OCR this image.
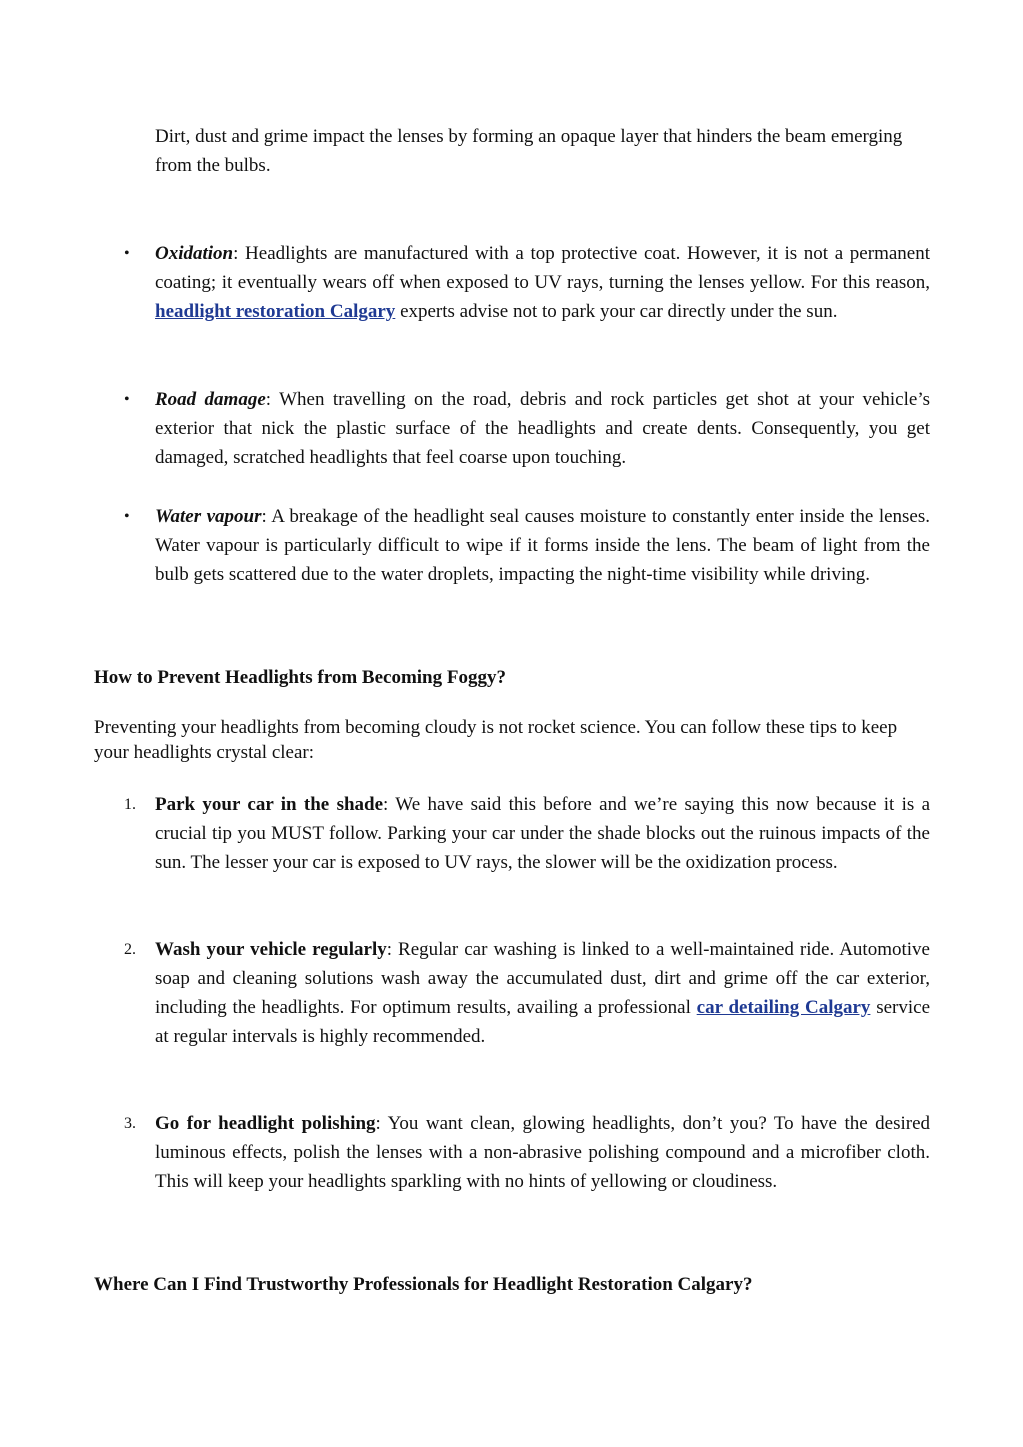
Dirt, dust and grime impact the lenses by forming an opaque layer that hinders the beam emerging from the bulbs.

• Oxidation: Headlights are manufactured with a top protective coat. However, it is not a permanent coating; it eventually wears off when exposed to UV rays, turning the lenses yellow. For this reason, headlight restoration Calgary experts advise not to park your car directly under the sun.

• Road damage: When travelling on the road, debris and rock particles get shot at your vehicle’s exterior that nick the plastic surface of the headlights and create dents. Consequently, you get damaged, scratched headlights that feel coarse upon touching.

• Water vapour: A breakage of the headlight seal causes moisture to constantly enter inside the lenses. Water vapour is particularly difficult to wipe if it forms inside the lens. The beam of light from the bulb gets scattered due to the water droplets, impacting the night-time visibility while driving.

How to Prevent Headlights from Becoming Foggy?

Preventing your headlights from becoming cloudy is not rocket science. You can follow these tips to keep your headlights crystal clear:

1. Park your car in the shade: We have said this before and we’re saying this now because it is a crucial tip you MUST follow. Parking your car under the shade blocks out the ruinous impacts of the sun. The lesser your car is exposed to UV rays, the slower will be the oxidization process.

2. Wash your vehicle regularly: Regular car washing is linked to a well-maintained ride. Automotive soap and cleaning solutions wash away the accumulated dust, dirt and grime off the car exterior, including the headlights. For optimum results, availing a professional car detailing Calgary service at regular intervals is highly recommended.

3. Go for headlight polishing: You want clean, glowing headlights, don’t you? To have the desired luminous effects, polish the lenses with a non-abrasive polishing compound and a microfiber cloth. This will keep your headlights sparkling with no hints of yellowing or cloudiness.

Where Can I Find Trustworthy Professionals for Headlight Restoration Calgary?
